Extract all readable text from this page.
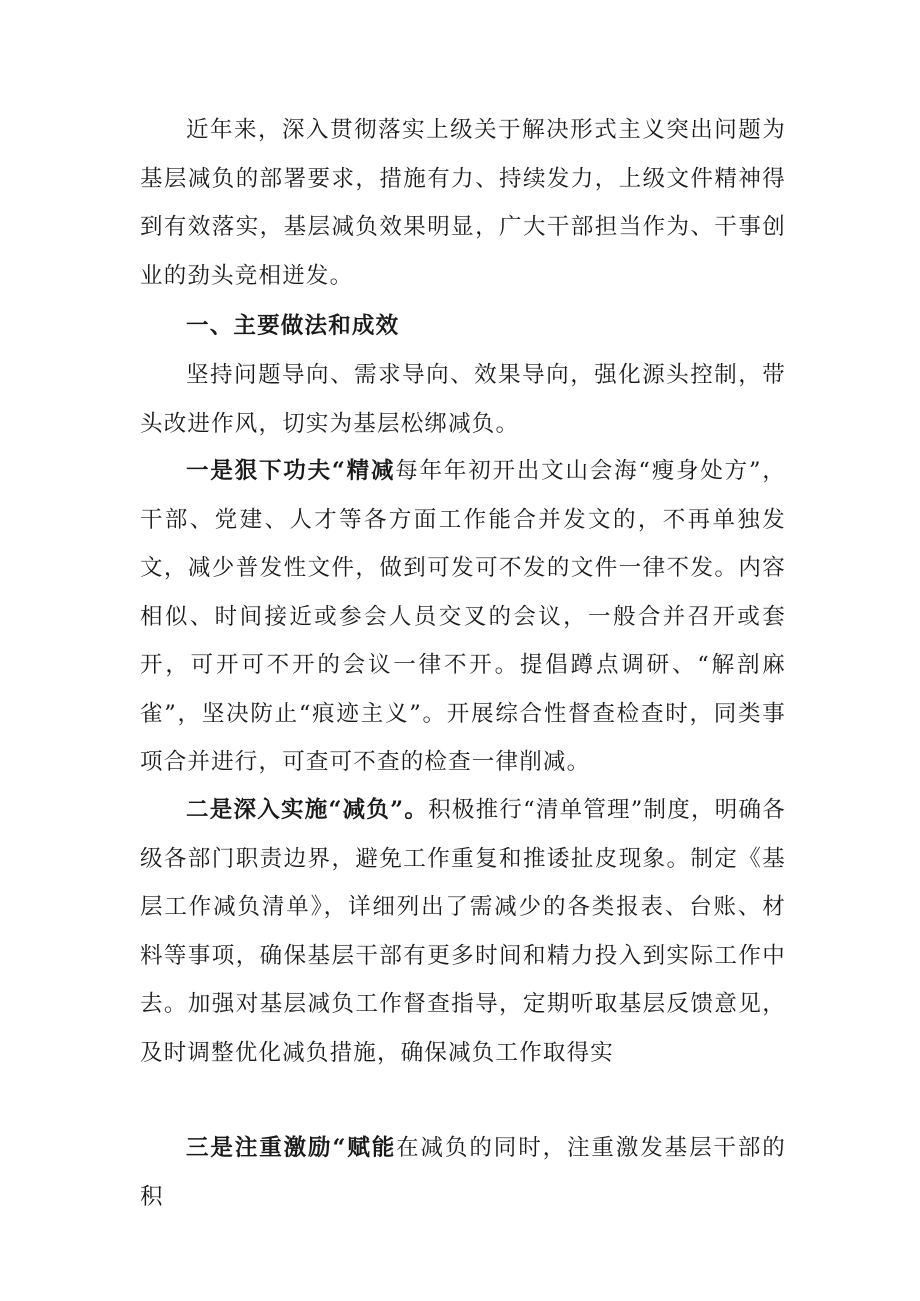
近年来，深入贯彻落实上级关于解决形式主义突出问题为基层减负的部署要求，措施有力、持续发力，上级文件精神得到有效落实，基层减负效果明显，广大干部担当作为、干事创业的劲头竞相迸发。

一、主要做法和成效

坚持问题导向、需求导向、效果导向，强化源头控制，带头改进作风，切实为基层松绑减负。

一是狠下功夫“精减每年年初开出文山会海“瘦身处方”，干部、党建、人才等各方面工作能合并发文的，不再单独发文，减少普发性文件，做到可发可不发的文件一律不发。内容相似、时间接近或参会人员交叉的会议，一般合并召开或套开，可开可不开的会议一律不开。提倡蹲点调研、“解剖麻雀”，坚决防止“痕迹主义”。开展综合性督查检查时，同类事项合并进行，可查可不查的检查一律削减。

二是深入实施“减负”。积极推行“清单管理”制度，明确各级各部门职责边界，避免工作重复和推诿扯皮现象。制定《基层工作减负清单》，详细列出了需减少的各类报表、台账、材料等事项，确保基层干部有更多时间和精力投入到实际工作中去。加强对基层减负工作督查指导，定期听取基层反馈意见，及时调整优化减负措施，确保减负工作取得实

三是注重激励“赋能在减负的同时，注重激发基层干部的积
